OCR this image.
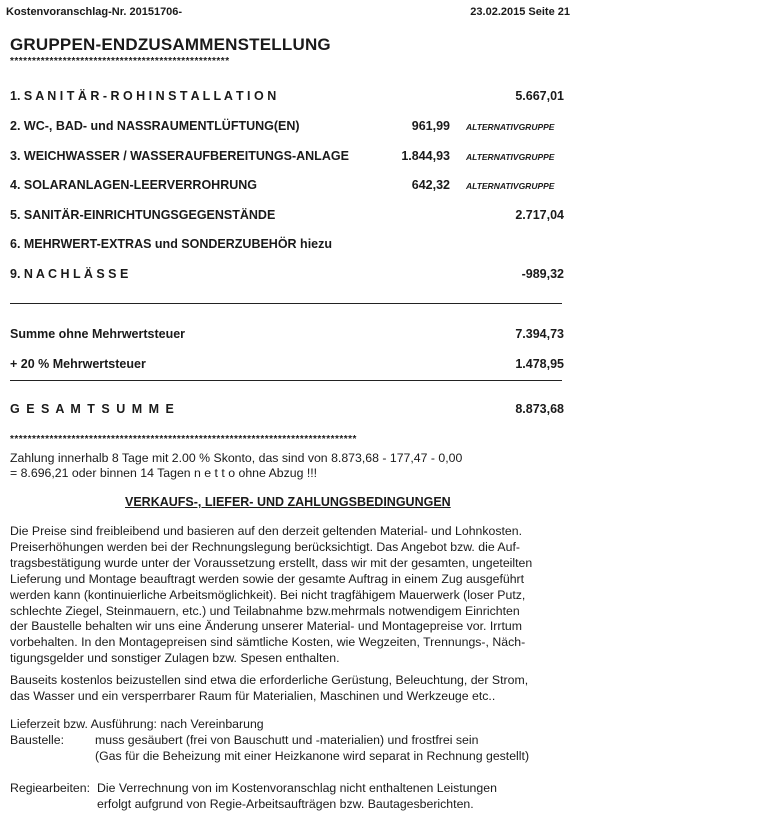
Kostenvoranschlag-Nr. 20151706-	23.02.2015 Seite 21
GRUPPEN-ENDZUSAMMENSTELLUNG
**************************************************
1. S A N I T Ä R - R O H I N S T A L L A T I O N	5.667,01
2. WC-, BAD- und NASSRAUMENTLÜFTUNG(EN)	961,99 ALTERNATIVGRUPPE
3. WEICHWASSER / WASSERAUFBEREITUNGS-ANLAGE	1.844,93 ALTERNATIVGRUPPE
4. SOLARANLAGEN-LEERVERROHRUNG	642,32 ALTERNATIVGRUPPE
5. SANITÄR-EINRICHTUNGSGEGENSTÄNDE	2.717,04
6. MEHRWERT-EXTRAS und SONDERZUBEHÖR hiezu
9. N A C H L Ä S S E	-989,32
Summe ohne Mehrwertsteuer	7.394,73
+ 20 % Mehrwertsteuer	1.478,95
G E S A M T S U M M E	8.873,68
*******************************************************************************
Zahlung innerhalb 8 Tage mit 2.00 % Skonto, das sind von 8.873,68 - 177,47 - 0,00
= 8.696,21 oder binnen 14 Tagen n e t t o ohne Abzug !!!
VERKAUFS-, LIEFER- UND ZAHLUNGSBEDINGUNGEN
Die Preise sind freibleibend und basieren auf den derzeit geltenden Material- und Lohnkosten.
Preiserhöhungen werden bei der Rechnungslegung berücksichtigt. Das Angebot bzw. die Auf-
tragsbestätigung wurde unter der Voraussetzung erstellt, dass wir mit der gesamten, ungeteilten
Lieferung und Montage beauftragt werden sowie der gesamte Auftrag in einem Zug ausgeführt
werden kann (kontinuierliche Arbeitsmöglichkeit). Bei nicht tragfähigem Mauerwerk (loser Putz,
schlechte Ziegel, Steinmauern, etc.) und Teilabnahme bzw.mehrmals notwendigem Einrichten
der Baustelle behalten wir uns eine Änderung unserer Material- und Montagepreise vor. Irrtum
vorbehalten. In den Montagepreisen sind sämtliche Kosten, wie Wegzeiten, Trennungs-, Näch-
tigungsgelder und sonstiger Zulagen bzw. Spesen enthalten.
Bauseits kostenlos beizustellen sind etwa die erforderliche Gerüstung, Beleuchtung, der Strom,
das Wasser und ein versperrbarer Raum für Materialien, Maschinen und Werkzeuge etc..
Lieferzeit bzw. Ausführung: nach Vereinbarung
Baustelle:	muss gesäubert (frei von Bauschutt und -materialien) und frostfrei sein
(Gas für die Beheizung mit einer Heizkanone wird separat in Rechnung gestellt)
Regiearbeiten: Die Verrechnung von im Kostenvoranschlag nicht enthaltenen Leistungen
erfolgt aufgrund von Regie-Arbeitsaufträgen bzw. Bautagesberichten.
